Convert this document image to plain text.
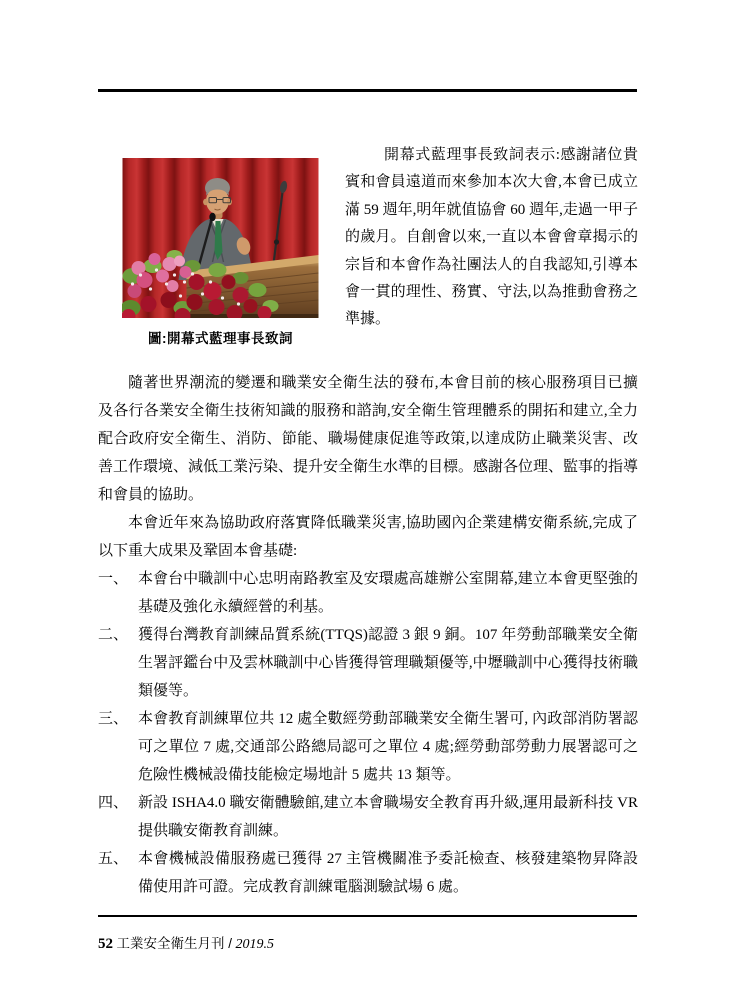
圖:開幕式藍理事長致詞
開幕式藍理事長致詞表示:感謝諸位貴賓和會員遠道而來參加本次大會,本會已成立滿 59 週年,明年就值協會 60 週年,走過一甲子的歲月。自創會以來,一直以本會會章揭示的宗旨和本會作為社團法人的自我認知,引導本會一貫的理性、務實、守法,以為推動會務之準據。

隨著世界潮流的變遷和職業安全衛生法的發布,本會目前的核心服務項目已擴及各行各業安全衛生技術知識的服務和諮詢,安全衛生管理體系的開拓和建立,全力配合政府安全衛生、消防、節能、職場健康促進等政策,以達成防止職業災害、改善工作環境、減低工業污染、提升安全衛生水準的目標。感謝各位理、監事的指導和會員的協助。

本會近年來為協助政府落實降低職業災害,協助國內企業建構安衛系統,完成了以下重大成果及鞏固本會基礎:

一、 本會台中職訓中心忠明南路教室及安環處高雄辦公室開幕,建立本會更堅強的基礎及強化永續經營的利基。
二、 獲得台灣教育訓練品質系統(TTQS)認證 3 銀 9 銅。107 年勞動部職業安全衛生署評鑑台中及雲林職訓中心皆獲得管理職類優等,中壢職訓中心獲得技術職類優等。
三、 本會教育訓練單位共 12 處全數經勞動部職業安全衛生署可, 內政部消防署認可之單位 7 處,交通部公路總局認可之單位 4 處;經勞動部勞動力展署認可之危險性機械設備技能檢定場地計 5 處共 13 類等。
四、 新設 ISHA4.0 職安衛體驗館,建立本會職場安全教育再升級,運用最新科技 VR 提供職安衛教育訓練。
五、 本會機械設備服務處已獲得 27 主管機關准予委託檢查、核發建築物昇降設備使用許可證。完成教育訓練電腦測驗試場 6 處。
52 工業安全衛生月刊 / 2019.5
